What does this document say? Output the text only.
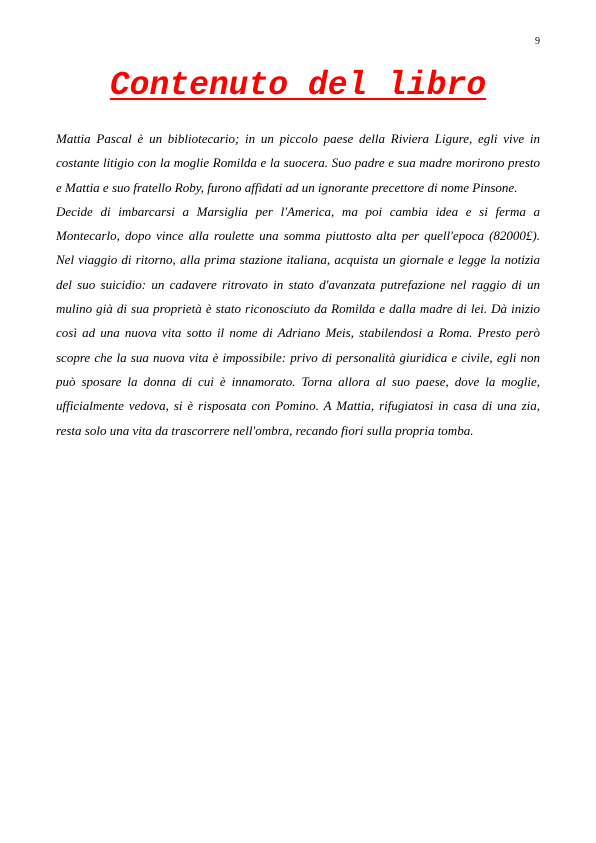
9
Contenuto del libro

Mattia Pascal è un bibliotecario; in un piccolo paese della Riviera Ligure, egli vive in costante litigio con la moglie Romilda e la suocera. Suo padre e sua madre morirono presto e Mattia e suo fratello Roby, furono affidati ad un ignorante precettore di nome Pinsone.

Decide di imbarcarsi a Marsiglia per l'America, ma poi cambia idea e si ferma a Montecarlo, dopo vince alla roulette una somma piuttosto alta per quell'epoca (82000£). Nel viaggio di ritorno, alla prima stazione italiana, acquista un giornale e legge la notizia del suo suicidio: un cadavere ritrovato in stato d'avanzata putrefazione nel raggio di un mulino già di sua proprietà è stato riconosciuto da Romilda e dalla madre di lei. Dà inizio così ad una nuova vita sotto il nome di Adriano Meis, stabilendosi a Roma. Presto però scopre che la sua nuova vita è impossibile: privo di personalità giuridica e civile, egli non può sposare la donna di cui è innamorato. Torna allora al suo paese, dove la moglie, ufficialmente vedova, si è risposata con Pomino. A Mattia, rifugiatosi in casa di una zia, resta solo una vita da trascorrere nell'ombra, recando fiori sulla propria tomba.
